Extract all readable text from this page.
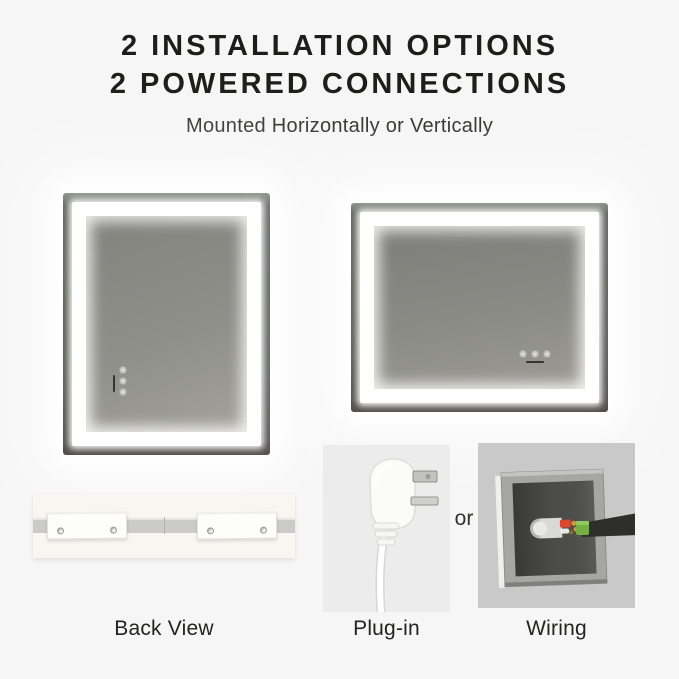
2 INSTALLATION OPTIONS
2 POWERED CONNECTIONS
Mounted Horizontally or Vertically
or
Back View	Plug-in	Wiring
